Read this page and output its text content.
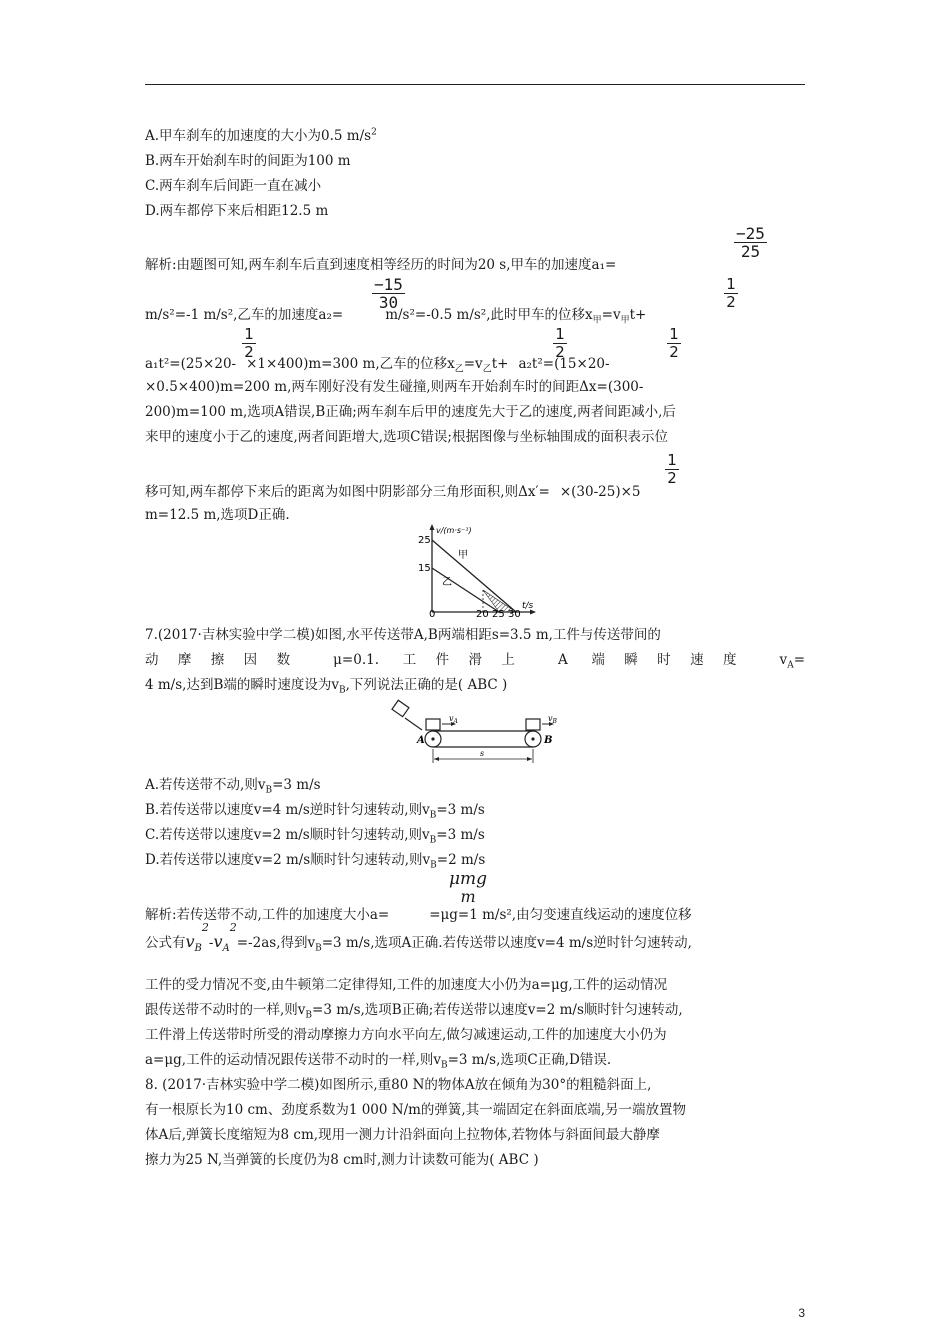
A.甲车刹车的加速度的大小为0.5 $m/s^2$
B.两车开始刹车时的间距为100 m
C.两车刹车后间距一直在减小
D.两车都停下来后相距12.5 m
解析:由题图可知,两车刹车后直到速度相等经历的时间为20 s,甲车的加速度a₁=
−25
25
m/s²=-1 m/s²,乙车的加速度a₂=	m/s²=-0.5 m/s²,此时甲车的位移$x_甲=v_甲t+$
−15
30
1
2
a₁t²=(25×20- ×1×400)m=300 m,乙车的位移$x_乙=v_乙t+ a_2t^2=(15\times 20-$
1
2
1
2
1
2
×0.5×400)m=200 m,两车刚好没有发生碰撞,则两车开始刹车时的间距Δx=(300-
200)m=100 m,选项A错误,B正确;两车刹车后甲的速度先大于乙的速度,两者间距减小,后
来甲的速度小于乙的速度,两者间距增大,选项C错误;根据图像与坐标轴围成的面积表示位
移可知,两车都停下来后的距离为如图中阴影部分三角形面积,则Δx′= ×(30-25)×5
1
2
m=12.5 m,选项D正确.
v/(m·s⁻¹)
25
15
0	20 25 30
t/s
甲
乙
7.(2017·吉林实验中学二模)如图,水平传送带A,B两端相距s=3.5 m,工件与传送带间的
动摩擦因数 μ=0.1. 工件滑上 A 端瞬时速度 $v_A=$
4 m/s,达到B端的瞬时速度设为$v_B$,下列说法正确的是( ABC )
$v_A$	$v_B$
A	B
s
A.若传送带不动,则$v_B=3$ m/s
B.若传送带以速度v=4 m/s逆时针匀速转动,则$v_B=3$ m/s
C.若传送带以速度v=2 m/s顺时针匀速转动,则$v_B=3$ m/s
D.若传送带以速度v=2 m/s顺时针匀速转动,则$v_B=2$ m/s
解析:若传送带不动,工件的加速度大小a=	=μg=1 m/s²,由匀变速直线运动的速度位移
μmg
m
公式有$v_B^2-v_A^2=-2as$,得到$v_B=3$ m/s,选项A正确.若传送带以速度v=4 m/s逆时针匀速转动,
工件的受力情况不变,由牛顿第二定律得知,工件的加速度大小仍为a=μg,工件的运动情况
跟传送带不动时的一样,则$v_B=3$ m/s,选项B正确;若传送带以速度v=2 m/s顺时针匀速转动,
工件滑上传送带时所受的滑动摩擦力方向水平向左,做匀减速运动,工件的加速度大小仍为
a=μg,工件的运动情况跟传送带不动时的一样,则$v_B=3$ m/s,选项C正确,D错误.
8. (2017·吉林实验中学二模)如图所示,重80 N的物体A放在倾角为30°的粗糙斜面上,
有一根原长为10 cm、劲度系数为1 000 N/m的弹簧,其一端固定在斜面底端,另一端放置物
体A后,弹簧长度缩短为8 cm,现用一测力计沿斜面向上拉物体,若物体与斜面间最大静摩
擦力为25 N,当弹簧的长度仍为8 cm时,测力计读数可能为( ABC )
3
